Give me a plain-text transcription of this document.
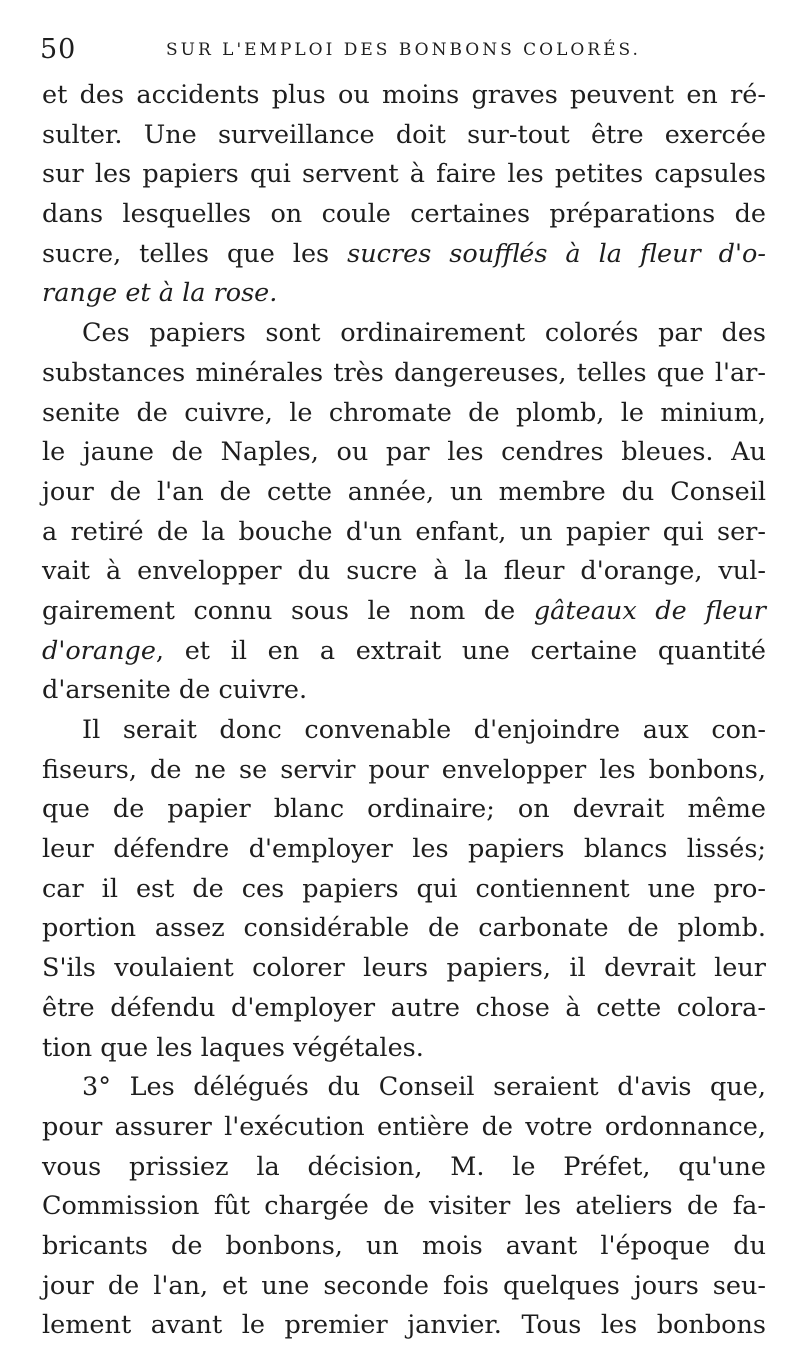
50	SUR L'EMPLOI DES BONBONS COLORÉS.
et des accidents plus ou moins graves peuvent en ré-
sulter. Une surveillance doit sur-tout être exercée
sur les papiers qui servent à faire les petites capsules
dans lesquelles on coule certaines préparations de
sucre, telles que les sucres soufflés à la fleur d'o-
range et à la rose.
Ces papiers sont ordinairement colorés par des
substances minérales très dangereuses, telles que l'ar-
senite de cuivre, le chromate de plomb, le minium,
le jaune de Naples, ou par les cendres bleues. Au
jour de l'an de cette année, un membre du Conseil
a retiré de la bouche d'un enfant, un papier qui ser-
vait à envelopper du sucre à la fleur d'orange, vul-
gairement connu sous le nom de gâteaux de fleur
d'orange, et il en a extrait une certaine quantité
d'arsenite de cuivre.
Il serait donc convenable d'enjoindre aux con-
fiseurs, de ne se servir pour envelopper les bonbons,
que de papier blanc ordinaire; on devrait même
leur défendre d'employer les papiers blancs lissés;
car il est de ces papiers qui contiennent une pro-
portion assez considérable de carbonate de plomb.
S'ils voulaient colorer leurs papiers, il devrait leur
être défendu d'employer autre chose à cette colora-
tion que les laques végétales.
3° Les délégués du Conseil seraient d'avis que,
pour assurer l'exécution entière de votre ordonnance,
vous prissiez la décision, M. le Préfet, qu'une
Commission fût chargée de visiter les ateliers de fa-
bricants de bonbons, un mois avant l'époque du
jour de l'an, et une seconde fois quelques jours seu-
lement avant le premier janvier. Tous les bonbons
